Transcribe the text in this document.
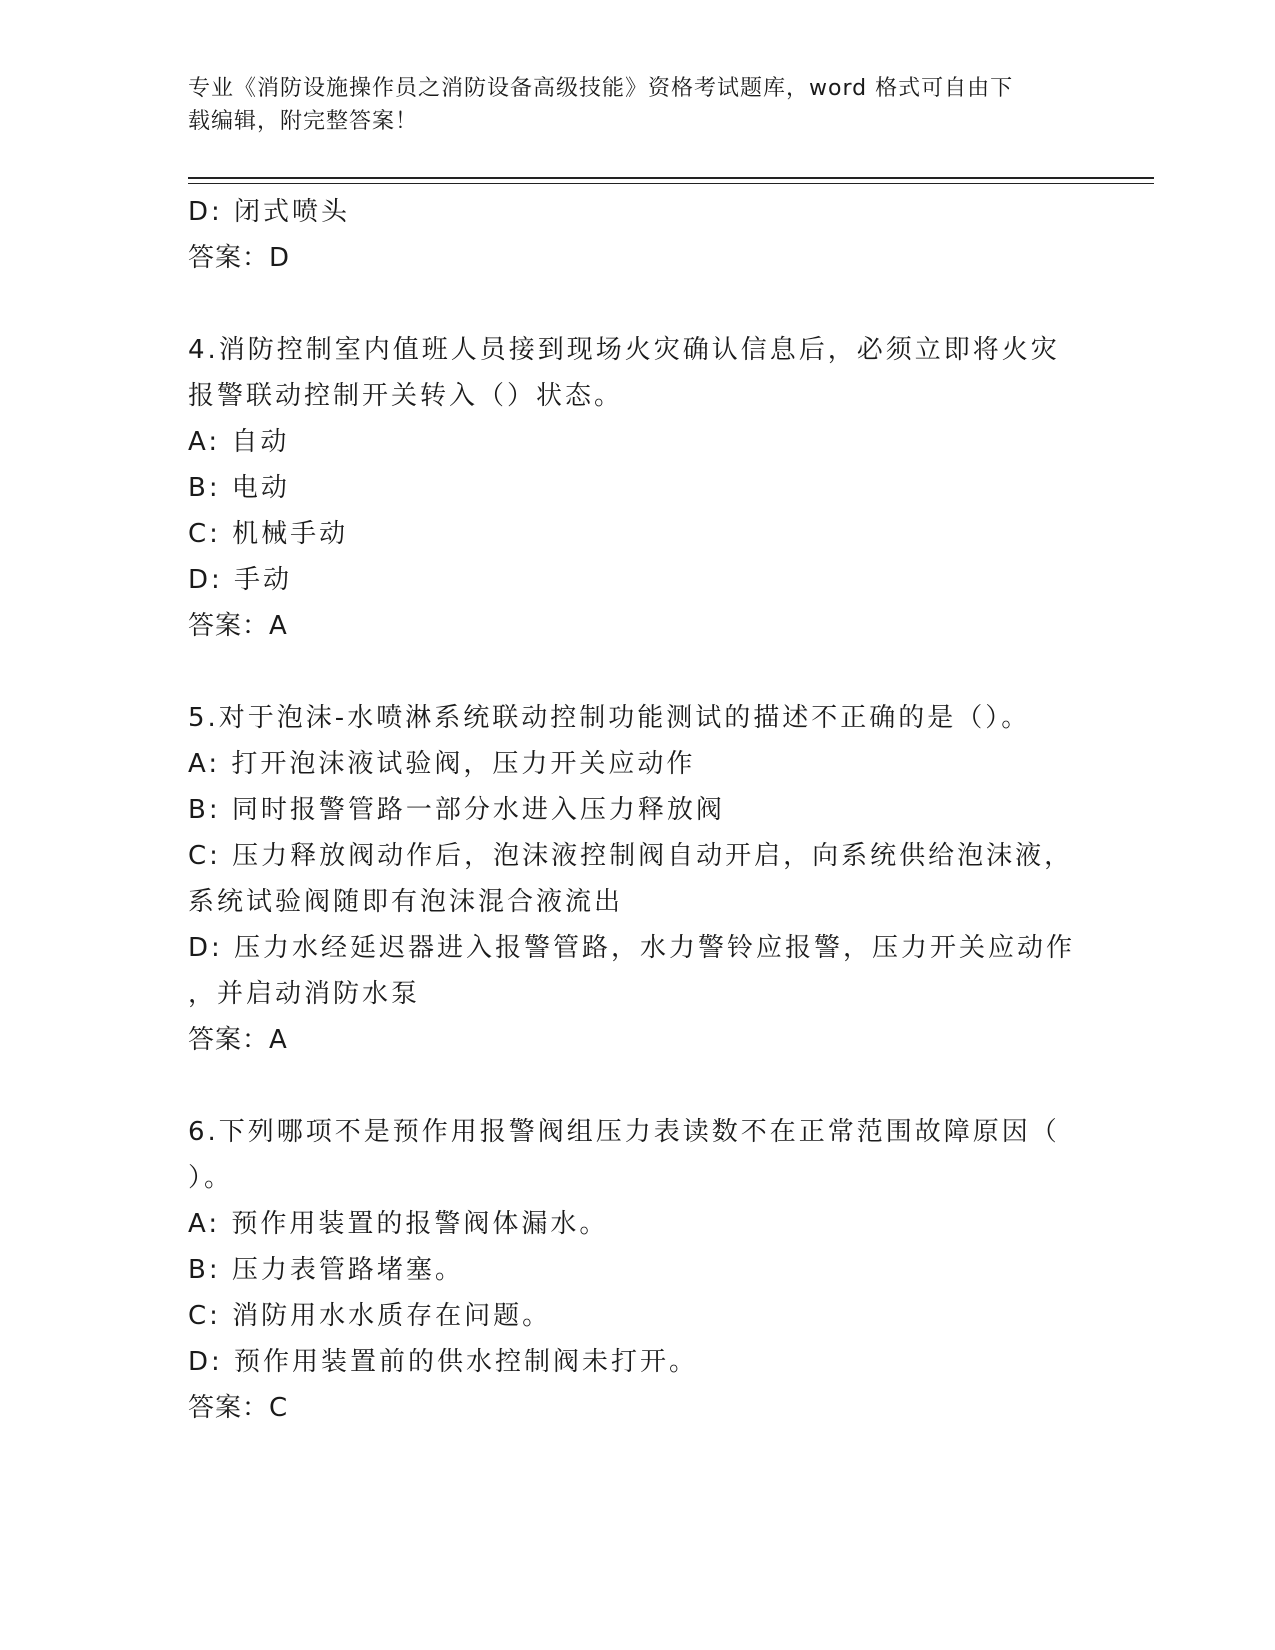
专业《消防设施操作员之消防设备高级技能》资格考试题库，word 格式可自由下
载编辑，附完整答案！
D: 闭式喷头
答案：D
4.消防控制室内值班人员接到现场火灾确认信息后，必须立即将火灾
报警联动控制开关转入（）状态。
A: 自动
B: 电动
C: 机械手动
D: 手动
答案：A
5.对于泡沫-水喷淋系统联动控制功能测试的描述不正确的是（）。
A: 打开泡沫液试验阀，压力开关应动作
B: 同时报警管路一部分水进入压力释放阀
C: 压力释放阀动作后，泡沫液控制阀自动开启，向系统供给泡沫液，
系统试验阀随即有泡沫混合液流出
D: 压力水经延迟器进入报警管路，水力警铃应报警，压力开关应动作
，并启动消防水泵
答案：A
6.下列哪项不是预作用报警阀组压力表读数不在正常范围故障原因（
）。
A: 预作用装置的报警阀体漏水。
B: 压力表管路堵塞。
C: 消防用水水质存在问题。
D: 预作用装置前的供水控制阀未打开。
答案：C
